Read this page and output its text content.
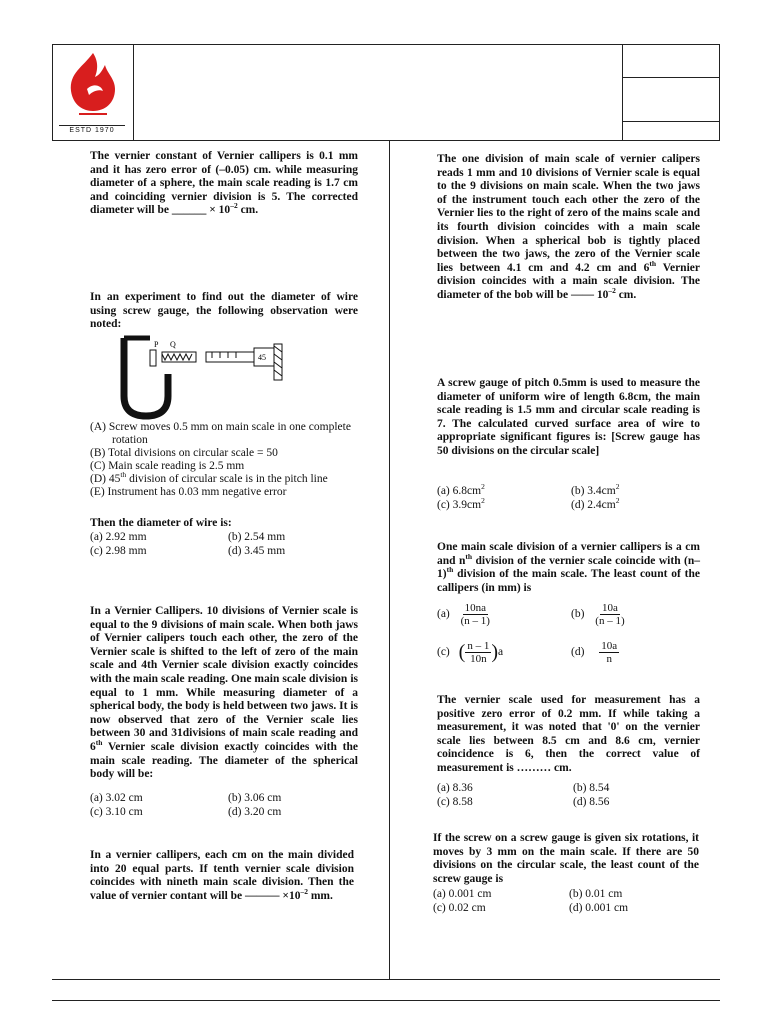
ESTD 1970
The vernier constant of Vernier callipers is 0.1 mm and it has zero error of (–0.05) cm. while measuring diameter of a sphere, the main scale reading is 1.7 cm and coinciding vernier division is 5. The corrected diameter will be ______ × $10^{-2}$ cm.
In an experiment to find out the diameter of wire using screw gauge, the following observation were noted:
P Q
45
(A) Screw moves 0.5 mm on main scale in one complete rotation
(B) Total divisions on circular scale = 50
(C) Main scale reading is 2.5 mm
(D) 45th division of circular scale is in the pitch line
(E) Instrument has 0.03 mm negative error
Then the diameter of wire is:
(a) 2.92 mm	(b) 2.54 mm
(c) 2.98 mm	(d) 3.45 mm
In a Vernier Callipers. 10 divisions of Vernier scale is equal to the 9 divisions of main scale. When both jaws of Vernier calipers touch each other, the zero of the Vernier scale is shifted to the left of zero of the main scale and 4th Vernier scale division exactly coincides with the main scale reading. One main scale division is equal to 1 mm. While measuring diameter of a spherical body, the body is held between two jaws. It is now observed that zero of the Vernier scale lies between 30 and 31divisions of main scale reading and 6th Vernier scale division exactly coincides with the main scale reading. The diameter of the spherical body will be:
(a) 3.02 cm	(b) 3.06 cm
(c) 3.10 cm	(d) 3.20 cm
In a vernier callipers, each cm on the main divided into 20 equal parts. If tenth vernier scale division coincides with nineth main scale division. Then the value of vernier contant will be ——— $\times 10^{-2}$ mm.
The one division of main scale of vernier calipers reads 1 mm and 10 divisions of Vernier scale is equal to the 9 divisions on main scale. When the two jaws of the instrument touch each other the zero of the Vernier lies to the right of zero of the mains scale and its fourth division coincides with a main scale division. When a spherical bob is tightly placed between the two jaws, the zero of the Vernier scale lies between 4.1 cm and 4.2 cm and 6th Vernier division coincides with a main scale division. The diameter of the bob will be —— $10^{-2}$ cm.
A screw gauge of pitch 0.5mm is used to measure the diameter of uniform wire of length 6.8cm, the main scale reading is 1.5 mm and circular scale reading is 7. The calculated curved surface area of wire to appropriate significant figures is: [Screw gauge has 50 divisions on the circular scale]
(a) $6.8cm^2$	(b) $3.4cm^2$
(c) $3.9cm^2$	(d) $2.4cm^2$
One main scale division of a vernier callipers is a cm and $n^{th}$ division of the vernier scale coincide with $(n-1)^{th}$ division of the main scale. The least count of the callipers (in mm) is
$(a) \frac{10na}{(n - 1)}$	$(b) \frac{10a}{(n - 1)}$
(c) ( $\frac{n - 1}{10n} )a$	$(d) \frac{10a}{n}$
The vernier scale used for measurement has a positive zero error of 0.2 mm. If while taking a measurement, it was noted that '0' on the vernier scale lies between 8.5 cm and 8.6 cm, vernier coincidence is 6, then the correct value of measurement is ……… cm.
(a) 8.36	(b) 8.54
(c) 8.58	(d) 8.56
If the screw on a screw gauge is given six rotations, it moves by 3 mm on the main scale. If there are 50 divisions on the circular scale, the least count of the screw gauge is
(a) 0.001 cm	(b) 0.01 cm
(c) 0.02 cm	(d) 0.001 cm
